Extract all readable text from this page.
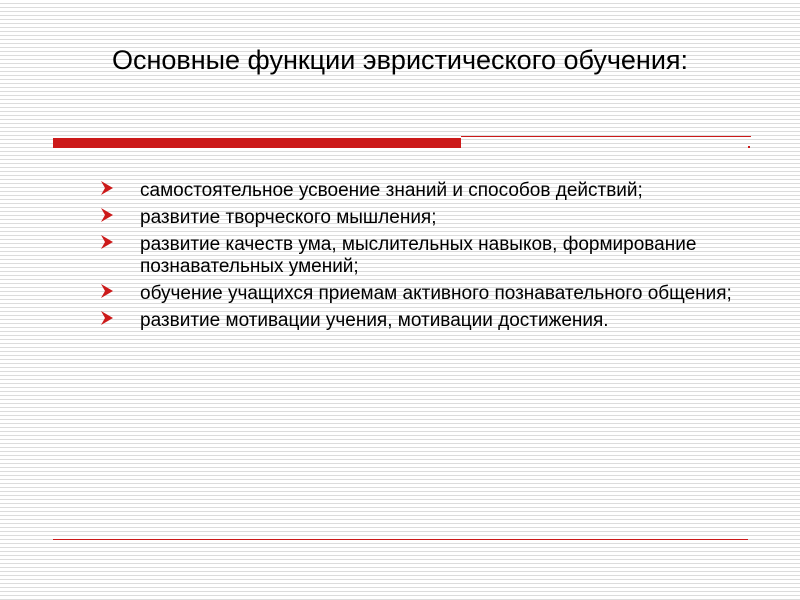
Основные функции эвристического обучения:
самостоятельное усвоение знаний и способов действий;
развитие творческого мышления;
развитие качеств ума, мыслительных навыков, формирование познавательных умений;
обучение учащихся приемам активного познавательного общения;
развитие мотивации учения, мотивации достижения.
